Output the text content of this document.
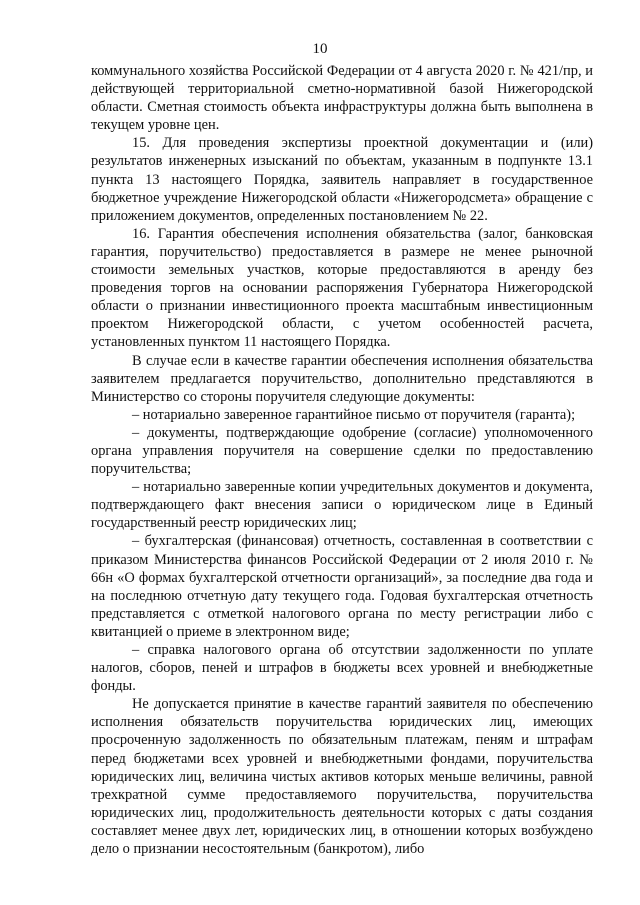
10

коммунального хозяйства Российской Федерации от 4 августа 2020 г. № 421/пр, и действующей территориальной сметно-нормативной базой Нижегородской области. Сметная стоимость объекта инфраструктуры должна быть выполнена в текущем уровне цен.

15. Для проведения экспертизы проектной документации и (или) результатов инженерных изысканий по объектам, указанным в подпункте 13.1 пункта 13 настоящего Порядка, заявитель направляет в государственное бюджетное учреждение Нижегородской области «Нижегородсмета» обращение с приложением документов, определенных постановлением № 22.

16. Гарантия обеспечения исполнения обязательства (залог, банковская гарантия, поручительство) предоставляется в размере не менее рыночной стоимости земельных участков, которые предоставляются в аренду без проведения торгов на основании распоряжения Губернатора Нижегородской области о признании инвестиционного проекта масштабным инвестиционным проектом Нижегородской области, с учетом особенностей расчета, установленных пунктом 11 настоящего Порядка.

В случае если в качестве гарантии обеспечения исполнения обязательства заявителем предлагается поручительство, дополнительно представляются в Министерство со стороны поручителя следующие документы:

– нотариально заверенное гарантийное письмо от поручителя (гаранта);

– документы, подтверждающие одобрение (согласие) уполномоченного органа управления поручителя на совершение сделки по предоставлению поручительства;

– нотариально заверенные копии учредительных документов и документа, подтверждающего факт внесения записи о юридическом лице в Единый государственный реестр юридических лиц;

– бухгалтерская (финансовая) отчетность, составленная в соответствии с приказом Министерства финансов Российской Федерации от 2 июля 2010 г. № 66н «О формах бухгалтерской отчетности организаций», за последние два года и на последнюю отчетную дату текущего года. Годовая бухгалтерская отчетность представляется с отметкой налогового органа по месту регистрации либо с квитанцией о приеме в электронном виде;

– справка налогового органа об отсутствии задолженности по уплате налогов, сборов, пеней и штрафов в бюджеты всех уровней и внебюджетные фонды.

Не допускается принятие в качестве гарантий заявителя по обеспечению исполнения обязательств поручительства юридических лиц, имеющих просроченную задолженность по обязательным платежам, пеням и штрафам перед бюджетами всех уровней и внебюджетными фондами, поручительства юридических лиц, величина чистых активов которых меньше величины, равной трехкратной сумме предоставляемого поручительства, поручительства юридических лиц, продолжительность деятельности которых с даты создания составляет менее двух лет, юридических лиц, в отношении которых возбуждено дело о признании несостоятельным (банкротом), либо
